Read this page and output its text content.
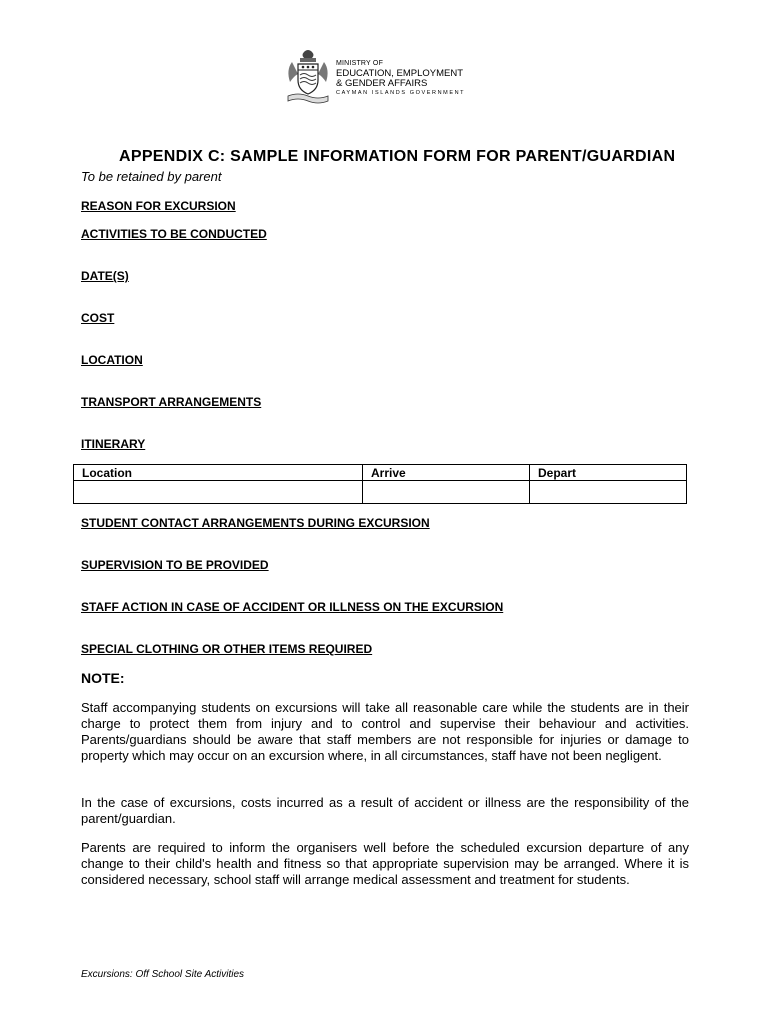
MINISTRY OF
EDUCATION, EMPLOYMENT
& GENDER AFFAIRS
CAYMAN ISLANDS GOVERNMENT
APPENDIX C: SAMPLE INFORMATION FORM FOR PARENT/GUARDIAN
To be retained by parent
REASON FOR EXCURSION
ACTIVITIES TO BE CONDUCTED
DATE(S)
COST
LOCATION
TRANSPORT ARRANGEMENTS
ITINERARY
Location	Arrive	Depart

STUDENT CONTACT ARRANGEMENTS DURING EXCURSION
SUPERVISION TO BE PROVIDED
STAFF ACTION IN CASE OF ACCIDENT OR ILLNESS ON THE EXCURSION
SPECIAL CLOTHING OR OTHER ITEMS REQUIRED
NOTE:
Staff accompanying students on excursions will take all reasonable care while the students are in their charge to protect them from injury and to control and supervise their behaviour and activities. Parents/guardians should be aware that staff members are not responsible for injuries or damage to property which may occur on an excursion where, in all circumstances, staff have not been negligent.
In the case of excursions, costs incurred as a result of accident or illness are the responsibility of the parent/guardian.
Parents are required to inform the organisers well before the scheduled excursion departure of any change to their child's health and fitness so that appropriate supervision may be arranged. Where it is considered necessary, school staff will arrange medical assessment and treatment for students.
Excursions: Off School Site Activities
